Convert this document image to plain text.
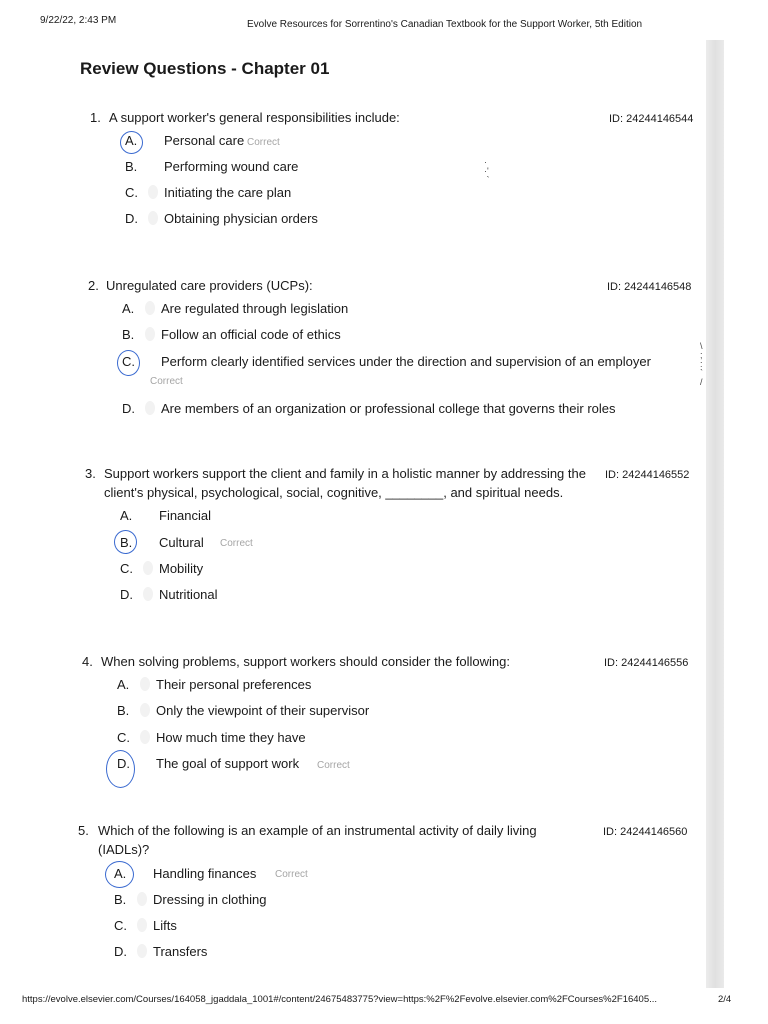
9/22/22, 2:43 PM	Evolve Resources for Sorrentino's Canadian Textbook for the Support Worker, 5th Edition
Review Questions - Chapter 01
1. A support worker's general responsibilities include:	ID: 24244146544
A. Personal care Correct
B. Performing wound care
C. Initiating the care plan
D. Obtaining physician orders
2. Unregulated care providers (UCPs):	ID: 24244146548
A. Are regulated through legislation
B. Follow an official code of ethics
C. Perform clearly identified services under the direction and supervision of an employer
Correct
D. Are members of an organization or professional college that governs their roles
3. Support workers support the client and family in a holistic manner by addressing the client's physical, psychological, social, cognitive, ________, and spiritual needs.
ID: 24244146552
A. Financial
B. Cultural Correct
C. Mobility
D. Nutritional
4. When solving problems, support workers should consider the following:	ID: 24244146556
A. Their personal preferences
B. Only the viewpoint of their supervisor
C. How much time they have
D. The goal of support work Correct
5. Which of the following is an example of an instrumental activity of daily living (IADLs)?
ID: 24244146560
A. Handling finances Correct
B. Dressing in clothing
C. Lifts
D. Transfers
·
·'
`
\
;
:
`
/
https://evolve.elsevier.com/Courses/164058_jgaddala_1001#/content/24675483775?view=https:%2F%2Fevolve.elsevier.com%2FCourses%2F16405...	2/4
